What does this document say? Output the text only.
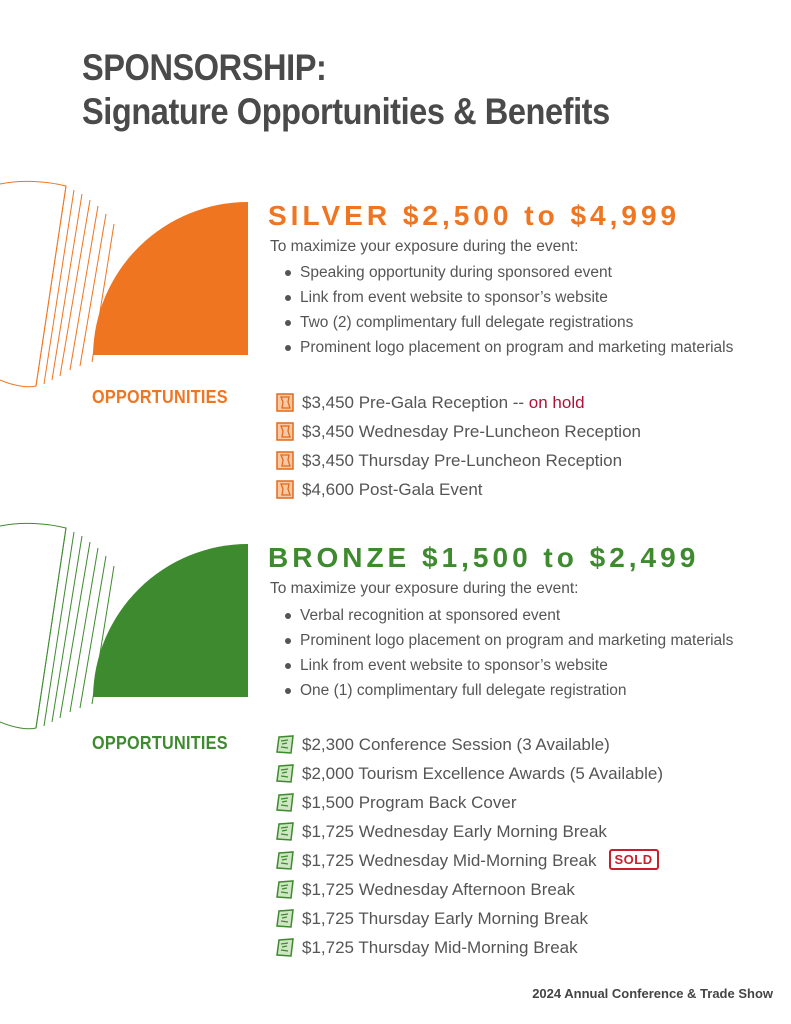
SPONSORSHIP:
Signature Opportunities & Benefits
SILVER $2,500 to $4,999
To maximize your exposure during the event:
Speaking opportunity during sponsored event
Link from event website to sponsor’s website
Two (2) complimentary full delegate registrations
Prominent logo placement on program and marketing materials
OPPORTUNITIES	$3,450 Pre-Gala Reception -- on hold
$3,450 Wednesday Pre-Luncheon Reception
$3,450 Thursday Pre-Luncheon Reception
$4,600 Post-Gala Event
BRONZE $1,500 to $2,499
To maximize your exposure during the event:
Verbal recognition at sponsored event
Prominent logo placement on program and marketing materials
Link from event website to sponsor’s website
One (1) complimentary full delegate registration
OPPORTUNITIES	$2,300 Conference Session (3 Available)
$2,000 Tourism Excellence Awards (5 Available)
$1,500 Program Back Cover
$1,725 Wednesday Early Morning Break
$1,725 Wednesday Mid-Morning Break SOLD
$1,725 Wednesday Afternoon Break
$1,725 Thursday Early Morning Break
$1,725 Thursday Mid-Morning Break
2024 Annual Conference & Trade Show
